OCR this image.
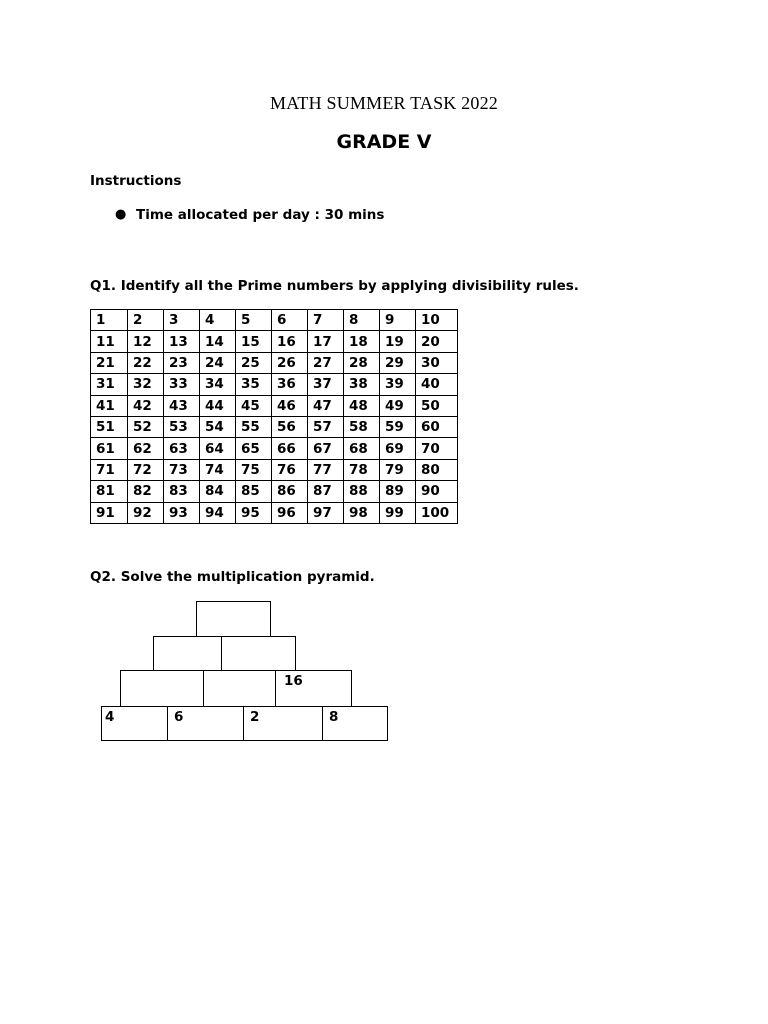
MATH SUMMER TASK 2022
GRADE V
Instructions
● Time allocated per day : 30 mins
Q1. Identify all the Prime numbers by applying divisibility rules.
1	2	3	4	5	6	7	8	9	10
11	12	13	14	15	16	17	18	19	20
21	22	23	24	25	26	27	28	29	30
31	32	33	34	35	36	37	38	39	40
41	42	43	44	45	46	47	48	49	50
51	52	53	54	55	56	57	58	59	60
61	62	63	64	65	66	67	68	69	70
71	72	73	74	75	76	77	78	79	80
81	82	83	84	85	86	87	88	89	90
91	92	93	94	95	96	97	98	99	100
Q2. Solve the multiplication pyramid.
16
4	6	2	8
